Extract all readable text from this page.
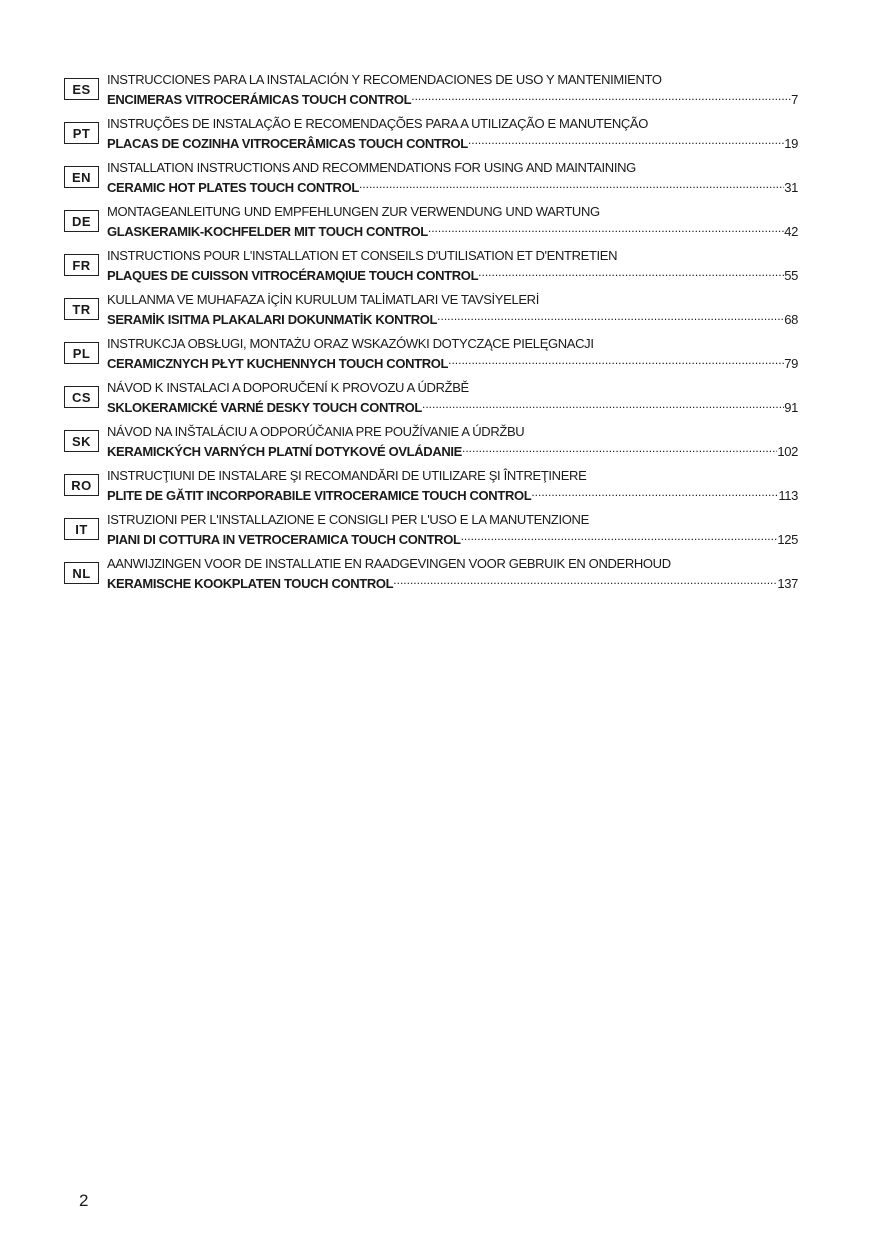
ES
INSTRUCCIONES PARA LA INSTALACIÓN Y RECOMENDACIONES DE USO Y MANTENIMIENTO
ENCIMERAS VITROCERÁMICAS TOUCH CONTROL .....	7
PT
INSTRUÇÕES DE INSTALAÇÃO E RECOMENDAÇÕES PARA A UTILIZAÇÃO E MANUTENÇÃO
PLACAS DE COZINHA VITROCERÂMICAS TOUCH CONTROL .....	19
EN
INSTALLATION INSTRUCTIONS AND RECOMMENDATIONS FOR USING AND MAINTAINING
CERAMIC HOT PLATES TOUCH CONTROL .....	31
DE
MONTAGEANLEITUNG UND EMPFEHLUNGEN ZUR VERWENDUNG UND WARTUNG
GLASKERAMIK-KOCHFELDER MIT TOUCH CONTROL .....	42
FR
INSTRUCTIONS POUR L'INSTALLATION ET CONSEILS D'UTILISATION ET D'ENTRETIEN
PLAQUES DE CUISSON VITROCÉRAMQIUE TOUCH CONTROL .....	55
TR
KULLANMA VE MUHAFAZA İÇİN KURULUM TALİMATLARI VE TAVSİYELERİ
SERAMİK ISITMA PLAKALARI DOKUNMATİK KONTROL .....	68
PL
INSTRUKCJA OBSŁUGI, MONTAŻU ORAZ WSKAZÓWKI DOTYCZĄCE PIELĘGNACJI
CERAMICZNYCH PŁYT KUCHENNYCH TOUCH CONTROL .....	79
CS
NÁVOD K INSTALACI A DOPORUČENÍ K PROVOZU A ÚDRŽBĚ
SKLOKERAMICKÉ VARNÉ DESKY TOUCH CONTROL .....	91
SK
NÁVOD NA INŠTALÁCIU A ODPORÚČANIA PRE POUŽÍVANIE A ÚDRŽBU
KERAMICKÝCH VARNÝCH PLATNÍ DOTYKOVÉ OVLÁDANIE .....	102
RO
INSTRUCŢIUNI DE INSTALARE ŞI RECOMANDĂRI DE UTILIZARE ŞI ÎNTREŢINERE
PLITE DE GĂTIT INCORPORABILE VITROCERAMICE TOUCH CONTROL .....	113
IT
ISTRUZIONI PER L'INSTALLAZIONE E CONSIGLI PER L'USO E LA MANUTENZIONE
PIANI DI COTTURA IN VETROCERAMICA TOUCH CONTROL .....	125
NL
AANWIJZINGEN VOOR DE INSTALLATIE EN RAADGEVINGEN VOOR GEBRUIK EN ONDERHOUD
KERAMISCHE KOOKPLATEN TOUCH CONTROL .....	137
2
